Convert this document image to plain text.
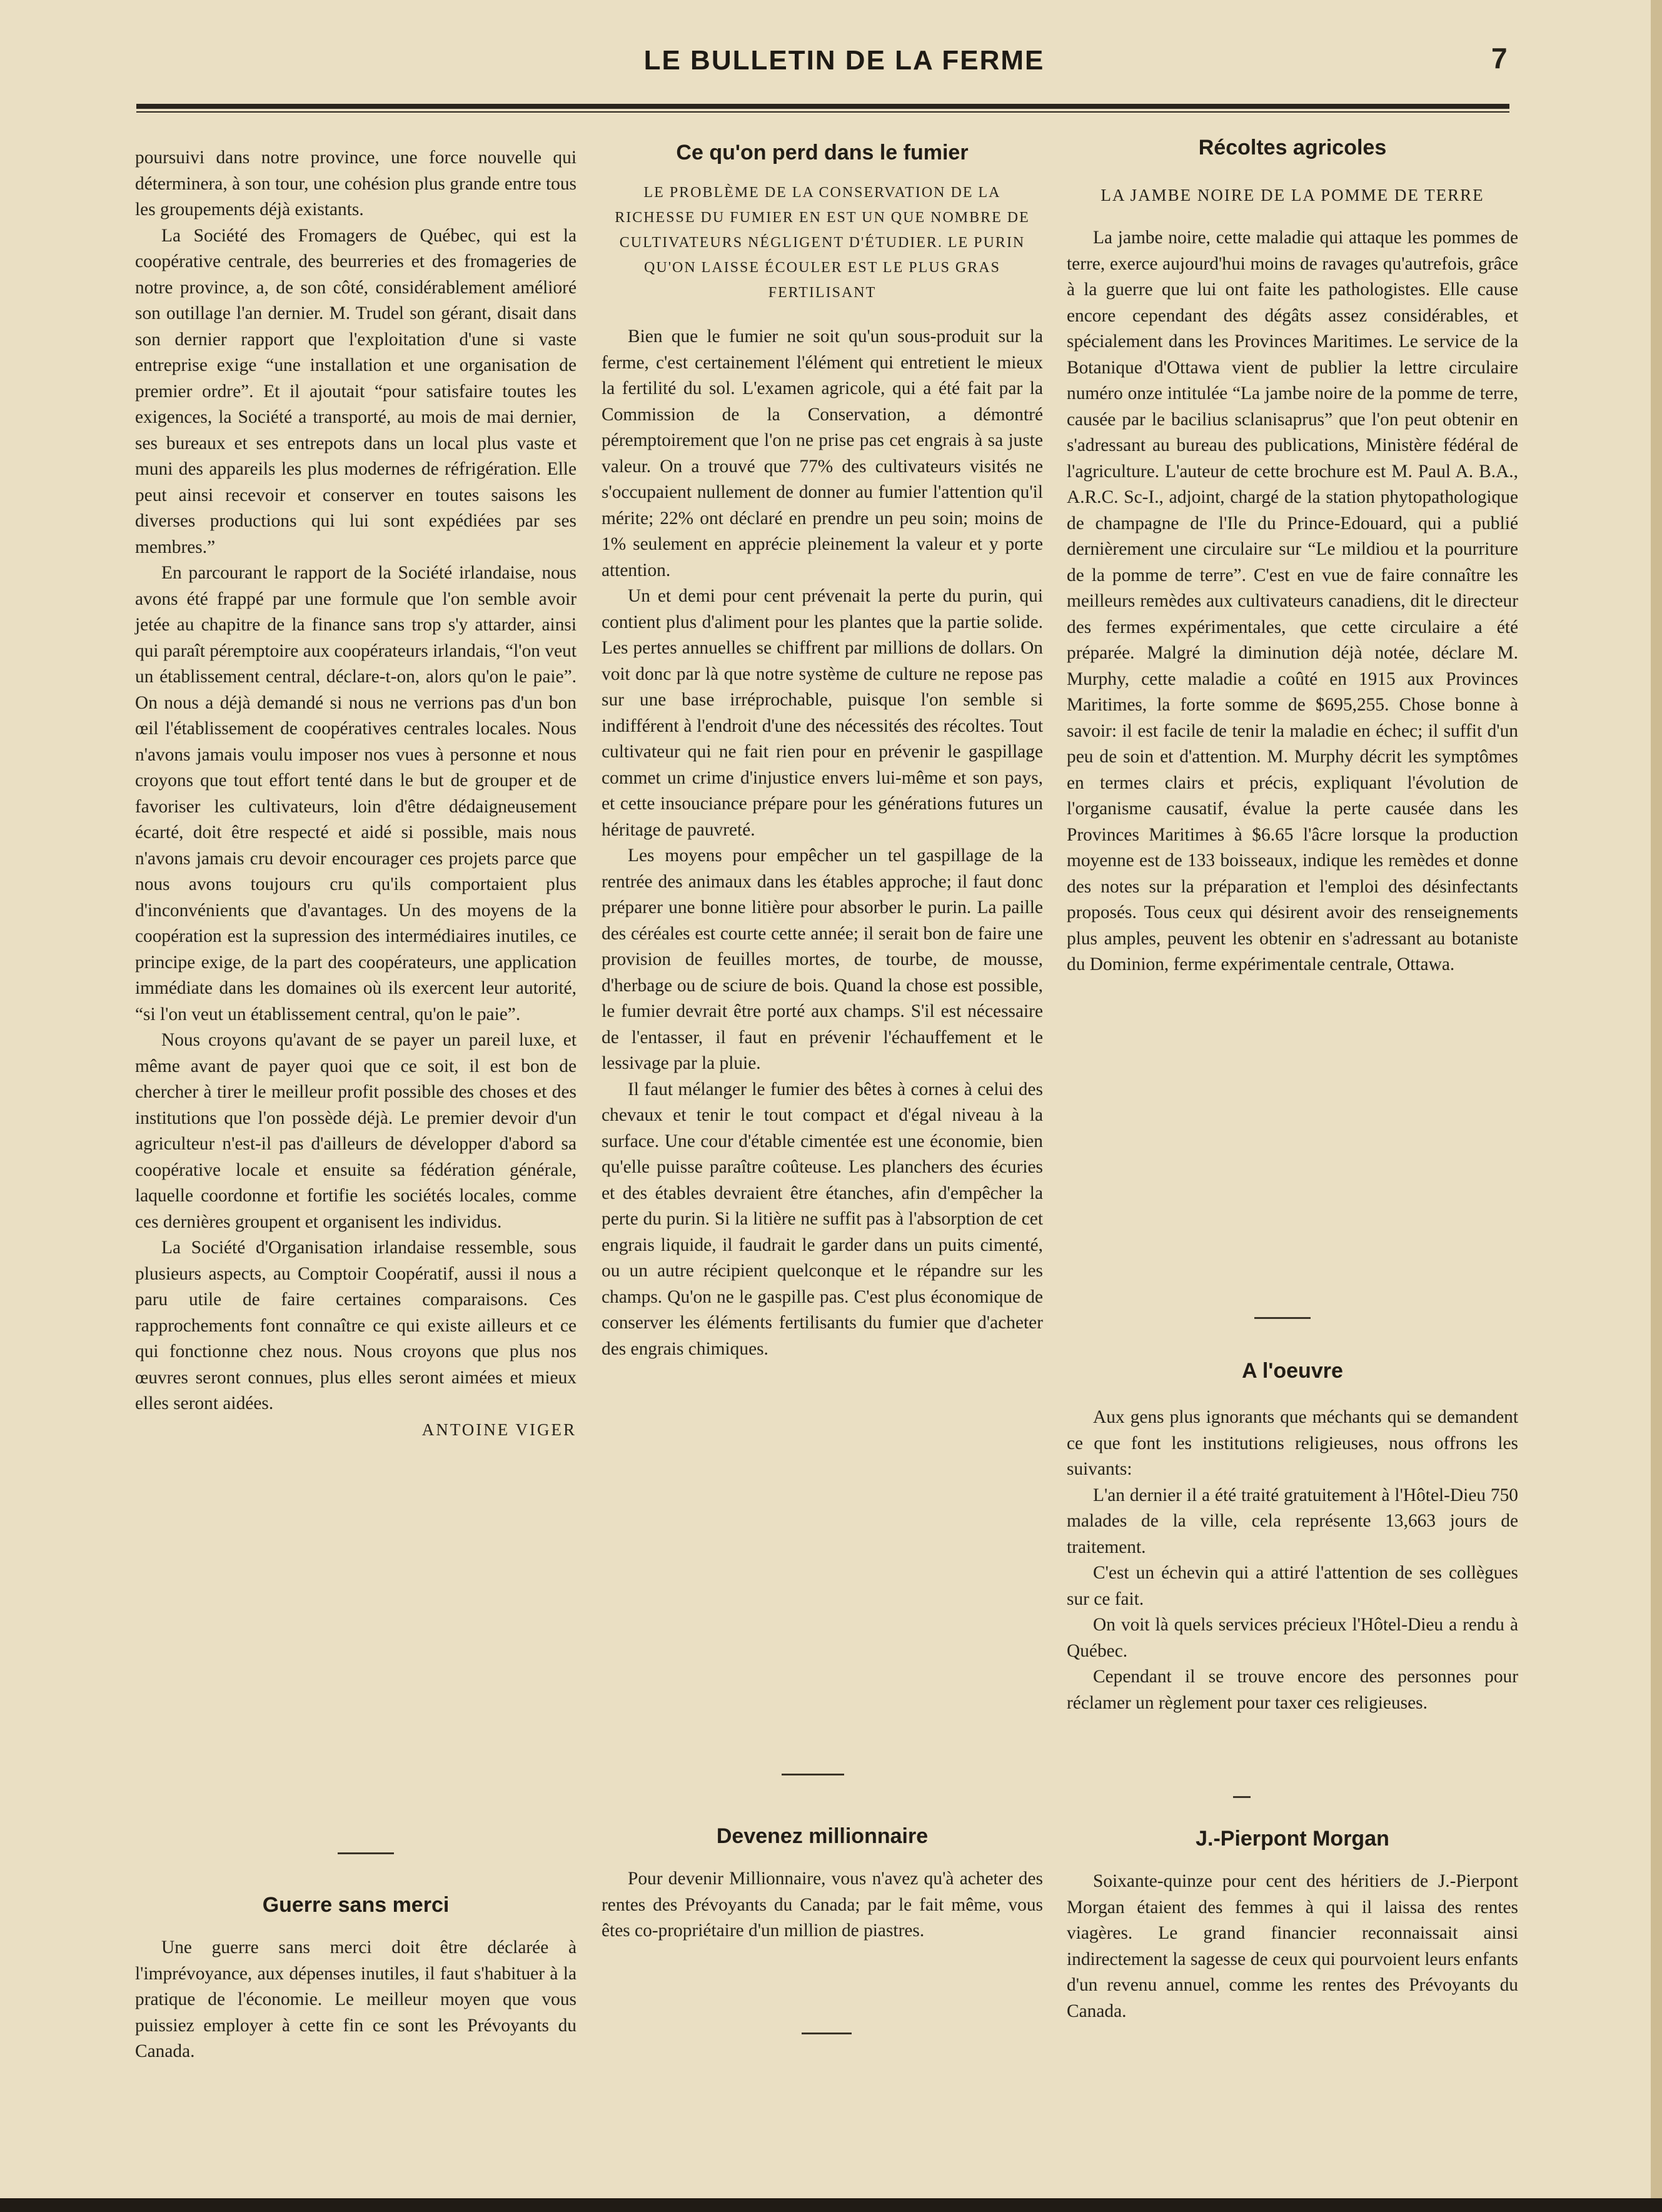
LE BULLETIN DE LA FERME	7

poursuivi dans notre province, une force nouvelle qui déterminera, à son tour, une cohésion plus grande entre tous les groupements déjà existants.

La Société des Fromagers de Québec, qui est la coopérative centrale, des beurreries et des fromageries de notre province, a, de son côté, considérablement amélioré son outillage l'an dernier. M. Trudel son gérant, disait dans son dernier rapport que l'exploitation d'une si vaste entreprise exige “une installation et une organisation de premier ordre”. Et il ajoutait “pour satisfaire toutes les exigences, la Société a transporté, au mois de mai dernier, ses bureaux et ses entrepots dans un local plus vaste et muni des appareils les plus modernes de réfrigération. Elle peut ainsi recevoir et conserver en toutes saisons les diverses productions qui lui sont expédiées par ses membres.”

En parcourant le rapport de la Société irlandaise, nous avons été frappé par une formule que l'on semble avoir jetée au chapitre de la finance sans trop s'y attarder, ainsi qui paraît péremptoire aux coopérateurs irlandais, “l'on veut un établissement central, déclare-t-on, alors qu'on le paie”. On nous a déjà demandé si nous ne verrions pas d'un bon œil l'établissement de coopératives centrales locales. Nous n'avons jamais voulu imposer nos vues à personne et nous croyons que tout effort tenté dans le but de grouper et de favoriser les cultivateurs, loin d'être dédaigneusement écarté, doit être respecté et aidé si possible, mais nous n'avons jamais cru devoir encourager ces projets parce que nous avons toujours cru qu'ils comportaient plus d'inconvénients que d'avantages. Un des moyens de la coopération est la supression des intermédiaires inutiles, ce principe exige, de la part des coopérateurs, une application immédiate dans les domaines où ils exercent leur autorité, “si l'on veut un établissement central, qu'on le paie”.

Nous croyons qu'avant de se payer un pareil luxe, et même avant de payer quoi que ce soit, il est bon de chercher à tirer le meilleur profit possible des choses et des institutions que l'on possède déjà. Le premier devoir d'un agriculteur n'est-il pas d'ailleurs de développer d'abord sa coopérative locale et ensuite sa fédération générale, laquelle coordonne et fortifie les sociétés locales, comme ces dernières groupent et organisent les individus.

La Société d'Organisation irlandaise ressemble, sous plusieurs aspects, au Comptoir Coopératif, aussi il nous a paru utile de faire certaines comparaisons. Ces rapprochements font connaître ce qui existe ailleurs et ce qui fonctionne chez nous. Nous croyons que plus nos œuvres seront connues, plus elles seront aimées et mieux elles seront aidées.

ANTOINE VIGER

Guerre sans merci

Une guerre sans merci doit être déclarée à l'imprévoyance, aux dépenses inutiles, il faut s'habituer à la pratique de l'économie. Le meilleur moyen que vous puissiez employer à cette fin ce sont les Prévoyants du Canada.

Ce qu'on perd dans le fumier
LE PROBLÈME DE LA CONSERVATION DE LA RICHESSE DU FUMIER EN EST UN QUE NOMBRE DE CULTIVATEURS NÉGLIGENT D'ÉTUDIER. LE PURIN QU'ON LAISSE ÉCOULER EST LE PLUS GRAS FERTILISANT

Bien que le fumier ne soit qu'un sous-produit sur la ferme, c'est certainement l'élément qui entretient le mieux la fertilité du sol. L'examen agricole, qui a été fait par la Commission de la Conservation, a démontré péremptoirement que l'on ne prise pas cet engrais à sa juste valeur. On a trouvé que 77% des cultivateurs visités ne s'occupaient nullement de donner au fumier l'attention qu'il mérite; 22% ont déclaré en prendre un peu soin; moins de 1% seulement en apprécie pleinement la valeur et y porte attention.

Un et demi pour cent prévenait la perte du purin, qui contient plus d'aliment pour les plantes que la partie solide. Les pertes annuelles se chiffrent par millions de dollars. On voit donc par là que notre système de culture ne repose pas sur une base irréprochable, puisque l'on semble si indifférent à l'endroit d'une des nécessités des récoltes. Tout cultivateur qui ne fait rien pour en prévenir le gaspillage commet un crime d'injustice envers lui-même et son pays, et cette insouciance prépare pour les générations futures un héritage de pauvreté.

Les moyens pour empêcher un tel gaspillage de la rentrée des animaux dans les étables approche; il faut donc préparer une bonne litière pour absorber le purin. La paille des céréales est courte cette année; il serait bon de faire une provision de feuilles mortes, de tourbe, de mousse, d'herbage ou de sciure de bois. Quand la chose est possible, le fumier devrait être porté aux champs. S'il est nécessaire de l'entasser, il faut en prévenir l'échauffement et le lessivage par la pluie.

Il faut mélanger le fumier des bêtes à cornes à celui des chevaux et tenir le tout compact et d'égal niveau à la surface. Une cour d'étable cimentée est une économie, bien qu'elle puisse paraître coûteuse. Les planchers des écuries et des étables devraient être étanches, afin d'empêcher la perte du purin. Si la litière ne suffit pas à l'absorption de cet engrais liquide, il faudrait le garder dans un puits cimenté, ou un autre récipient quelconque et le répandre sur les champs. Qu'on ne le gaspille pas. C'est plus économique de conserver les éléments fertilisants du fumier que d'acheter des engrais chimiques.

Devenez millionnaire

Pour devenir Millionnaire, vous n'avez qu'à acheter des rentes des Prévoyants du Canada; par le fait même, vous êtes co-propriétaire d'un million de piastres.

Récoltes agricoles
LA JAMBE NOIRE DE LA POMME DE TERRE

La jambe noire, cette maladie qui attaque les pommes de terre, exerce aujourd'hui moins de ravages qu'autrefois, grâce à la guerre que lui ont faite les pathologistes. Elle cause encore cependant des dégâts assez considérables, et spécialement dans les Provinces Maritimes. Le service de la Botanique d'Ottawa vient de publier la lettre circulaire numéro onze intitulée “La jambe noire de la pomme de terre, causée par le bacilius sclanisaprus” que l'on peut obtenir en s'adressant au bureau des publications, Ministère fédéral de l'agriculture. L'auteur de cette brochure est M. Paul A. B.A., A.R.C. Sc-I., adjoint, chargé de la station phytopathologique de champagne de l'Ile du Prince-Edouard, qui a publié dernièrement une circulaire sur “Le mildiou et la pourriture de la pomme de terre”. C'est en vue de faire connaître les meilleurs remèdes aux cultivateurs canadiens, dit le directeur des fermes expérimentales, que cette circulaire a été préparée. Malgré la diminution déjà notée, déclare M. Murphy, cette maladie a coûté en 1915 aux Provinces Maritimes, la forte somme de $695,255. Chose bonne à savoir: il est facile de tenir la maladie en échec; il suffit d'un peu de soin et d'attention. M. Murphy décrit les symptômes en termes clairs et précis, expliquant l'évolution de l'organisme causatif, évalue la perte causée dans les Provinces Maritimes à $6.65 l'âcre lorsque la production moyenne est de 133 boisseaux, indique les remèdes et donne des notes sur la préparation et l'emploi des désinfectants proposés. Tous ceux qui désirent avoir des renseignements plus amples, peuvent les obtenir en s'adressant au botaniste du Dominion, ferme expérimentale centrale, Ottawa.

A l'oeuvre

Aux gens plus ignorants que méchants qui se demandent ce que font les institutions religieuses, nous offrons les suivants:

L'an dernier il a été traité gratuitement à l'Hôtel-Dieu 750 malades de la ville, cela représente 13,663 jours de traitement.

C'est un échevin qui a attiré l'attention de ses collègues sur ce fait.

On voit là quels services précieux l'Hôtel-Dieu a rendu à Québec.

Cependant il se trouve encore des personnes pour réclamer un règlement pour taxer ces religieuses.

J.-Pierpont Morgan

Soixante-quinze pour cent des héritiers de J.-Pierpont Morgan étaient des femmes à qui il laissa des rentes viagères. Le grand financier reconnaissait ainsi indirectement la sagesse de ceux qui pourvoient leurs enfants d'un revenu annuel, comme les rentes des Prévoyants du Canada.
